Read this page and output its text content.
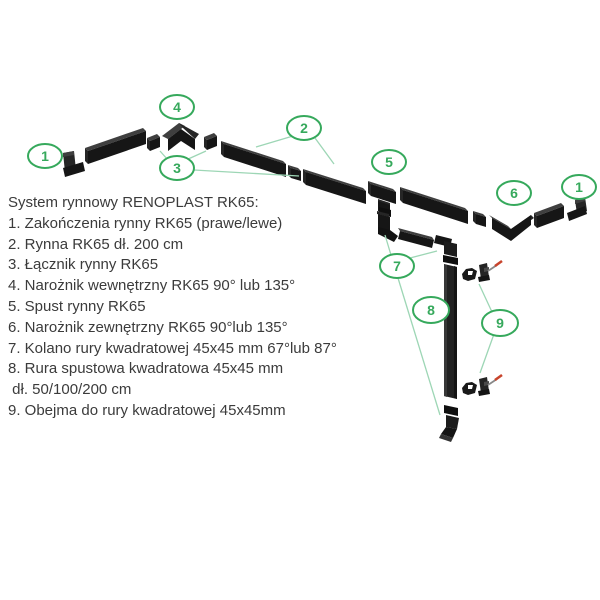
1
4
3
2
5
6	1
7
8
9
System rynnowy RENOPLAST RK65:
1. Zakończenia rynny RK65 (prawe/lewe)
2. Rynna RK65 dł. 200 cm
3. Łącznik rynny RK65
4. Narożnik wewnętrzny RK65 90° lub 135°
5. Spust rynny RK65
6. Narożnik zewnętrzny RK65 90°lub 135°
7. Kolano rury kwadratowej 45x45 mm 67°lub 87°
8. Rura spustowa kwadratowa 45x45 mm
dł. 50/100/200 cm
9. Obejma do rury kwadratowej 45x45mm
